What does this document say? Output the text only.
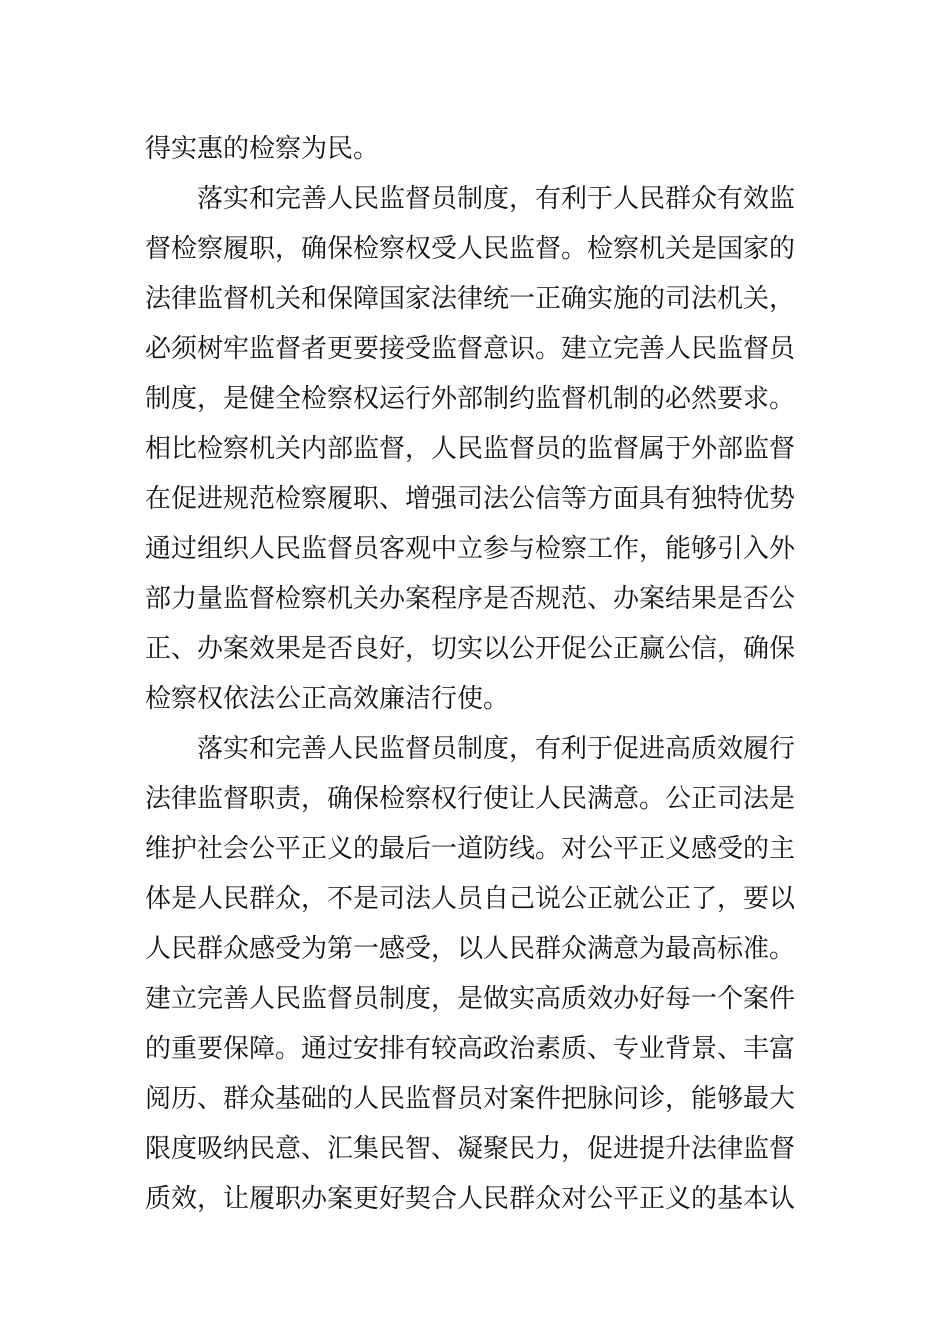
得实惠的检察为民。
落实和完善人民监督员制度，有利于人民群众有效监
督检察履职，确保检察权受人民监督。检察机关是国家的
法律监督机关和保障国家法律统一正确实施的司法机关，
必须树牢监督者更要接受监督意识。建立完善人民监督员
制度，是健全检察权运行外部制约监督机制的必然要求。
相比检察机关内部监督，人民监督员的监督属于外部监督
在促进规范检察履职、增强司法公信等方面具有独特优势
通过组织人民监督员客观中立参与检察工作，能够引入外
部力量监督检察机关办案程序是否规范、办案结果是否公
正、办案效果是否良好，切实以公开促公正赢公信，确保
检察权依法公正高效廉洁行使。
落实和完善人民监督员制度，有利于促进高质效履行
法律监督职责，确保检察权行使让人民满意。公正司法是
维护社会公平正义的最后一道防线。对公平正义感受的主
体是人民群众，不是司法人员自己说公正就公正了，要以
人民群众感受为第一感受，以人民群众满意为最高标准。
建立完善人民监督员制度，是做实高质效办好每一个案件
的重要保障。通过安排有较高政治素质、专业背景、丰富
阅历、群众基础的人民监督员对案件把脉问诊，能够最大
限度吸纳民意、汇集民智、凝聚民力，促进提升法律监督
质效，让履职办案更好契合人民群众对公平正义的基本认
